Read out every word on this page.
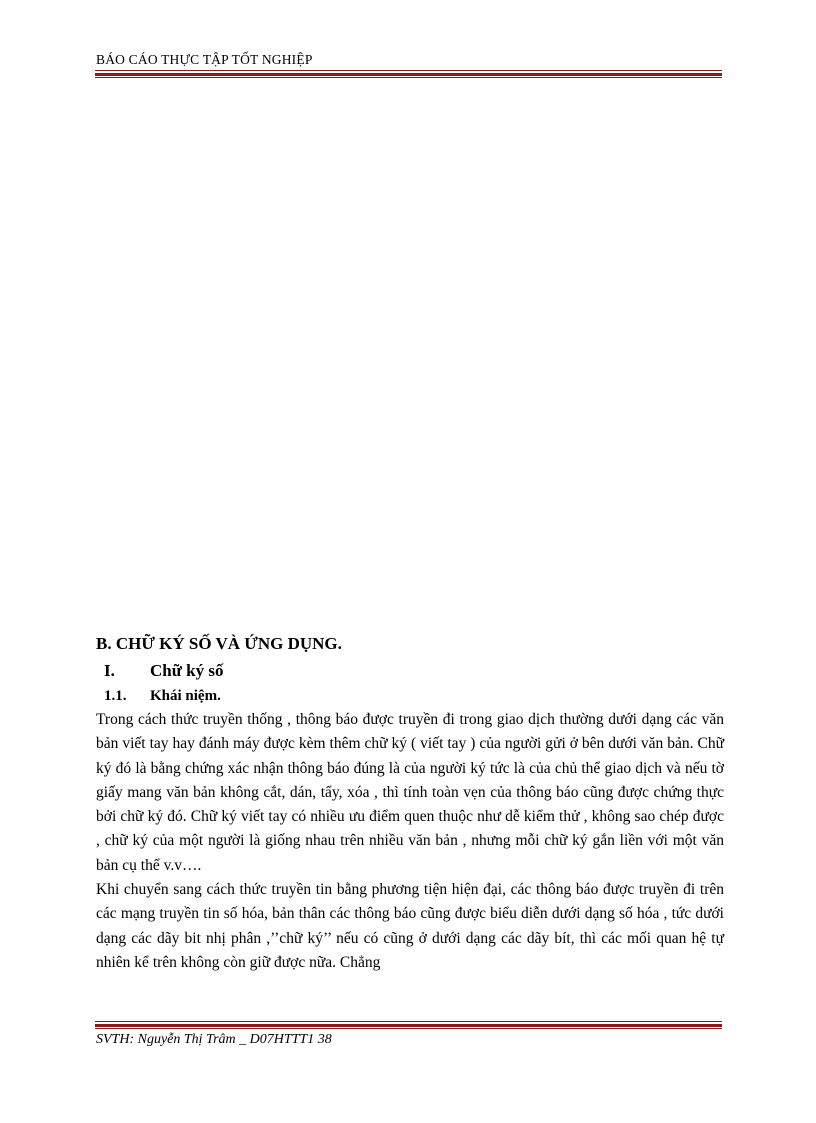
BÁO CÁO THỰC TẬP TỐT NGHIỆP
B. CHỮ KÝ SỐ VÀ ỨNG DỤNG.
I. Chữ ký số
1.1. Khái niệm.

Trong cách thức truyền thống , thông báo được truyền đi trong giao dịch thường dưới dạng các văn bản viết tay hay đánh máy được kèm thêm chữ ký ( viết tay ) của người gửi ở bên dưới văn bản. Chữ ký đó là bằng chứng xác nhận thông báo đúng là của người ký tức là của chủ thể giao dịch và nếu tờ giấy mang văn bản không cắt, dán, tẩy, xóa , thì tính toàn vẹn của thông báo cũng được chứng thực bởi chữ ký đó. Chữ ký viết tay có nhiều ưu điểm quen thuộc như dễ kiểm thử , không sao chép được , chữ ký của một người là giống nhau trên nhiều văn bản , nhưng mỗi chữ ký gắn liền với một văn bản cụ thể v.v….

Khi chuyển sang cách thức truyền tin bằng phương tiện hiện đại, các thông báo được truyền đi trên các mạng truyền tin số hóa, bản thân các thông báo cũng được biểu diễn dưới dạng số hóa , tức dưới dạng các dãy bit nhị phân ,’’chữ ký’’ nếu có cũng ở dưới dạng các dãy bít, thì các mối quan hệ tự nhiên kể trên không còn giữ được nữa. Chẳng

SVTH: Nguyễn Thị Trâm _ D07HTTT1 38
